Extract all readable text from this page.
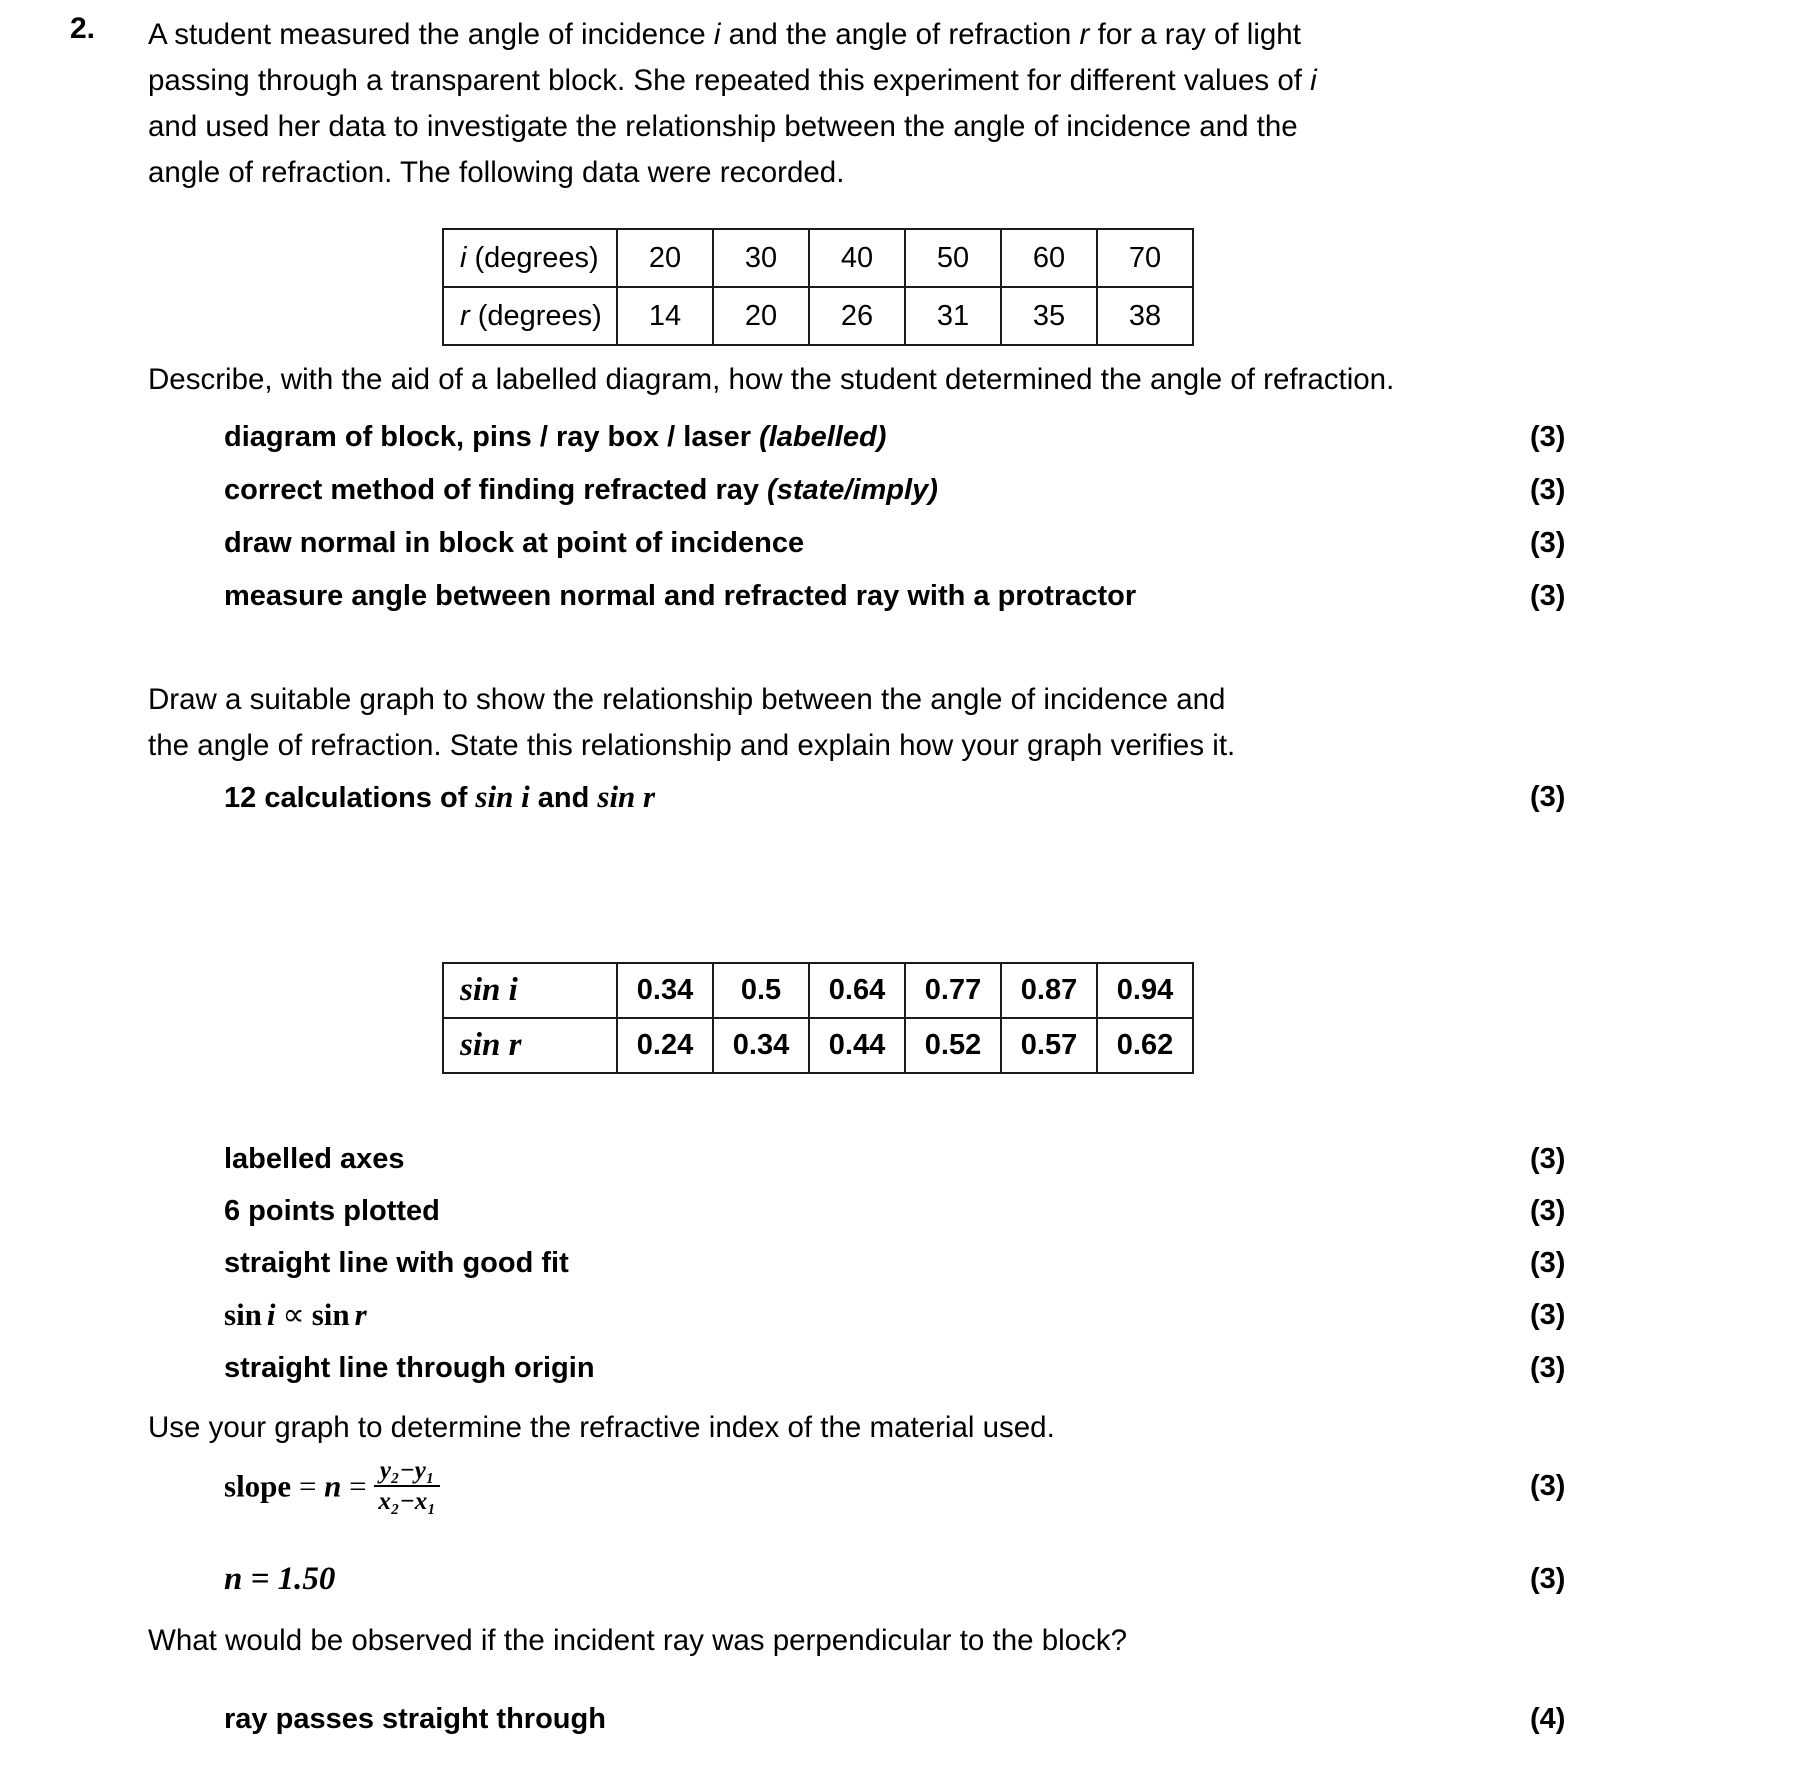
2. A student measured the angle of incidence i and the angle of refraction r for a ray of light
passing through a transparent block. She repeated this experiment for different values of i
and used her data to investigate the relationship between the angle of incidence and the
angle of refraction. The following data were recorded.
i (degrees)	20	30	40	50	60	70
r (degrees)	14	20	26	31	35	38
Describe, with the aid of a labelled diagram, how the student determined the angle of refraction.
diagram of block, pins / ray box / laser (labelled)	(3)
correct method of finding refracted ray (state/imply)	(3)
draw normal in block at point of incidence	(3)
measure angle between normal and refracted ray with a protractor	(3)
Draw a suitable graph to show the relationship between the angle of incidence and
the angle of refraction. State this relationship and explain how your graph verifies it.
12 calculations of sin i and sin r	(3)
sin i	0.34	0.5	0.64	0.77	0.87	0.94
sin r	0.24	0.34	0.44	0.52	0.57	0.62
labelled axes	(3)
6 points plotted	(3)
straight line with good fit	(3)
sin i ∝ sin r	(3)
straight line through origin	(3)
Use your graph to determine the refractive index of the material used.
slope = $n = \frac{\text{y₂−y₁}}{\text{x₂−x₁}}$	(3)
n = 1.50	(3)
What would be observed if the incident ray was perpendicular to the block?
ray passes straight through	(4)
